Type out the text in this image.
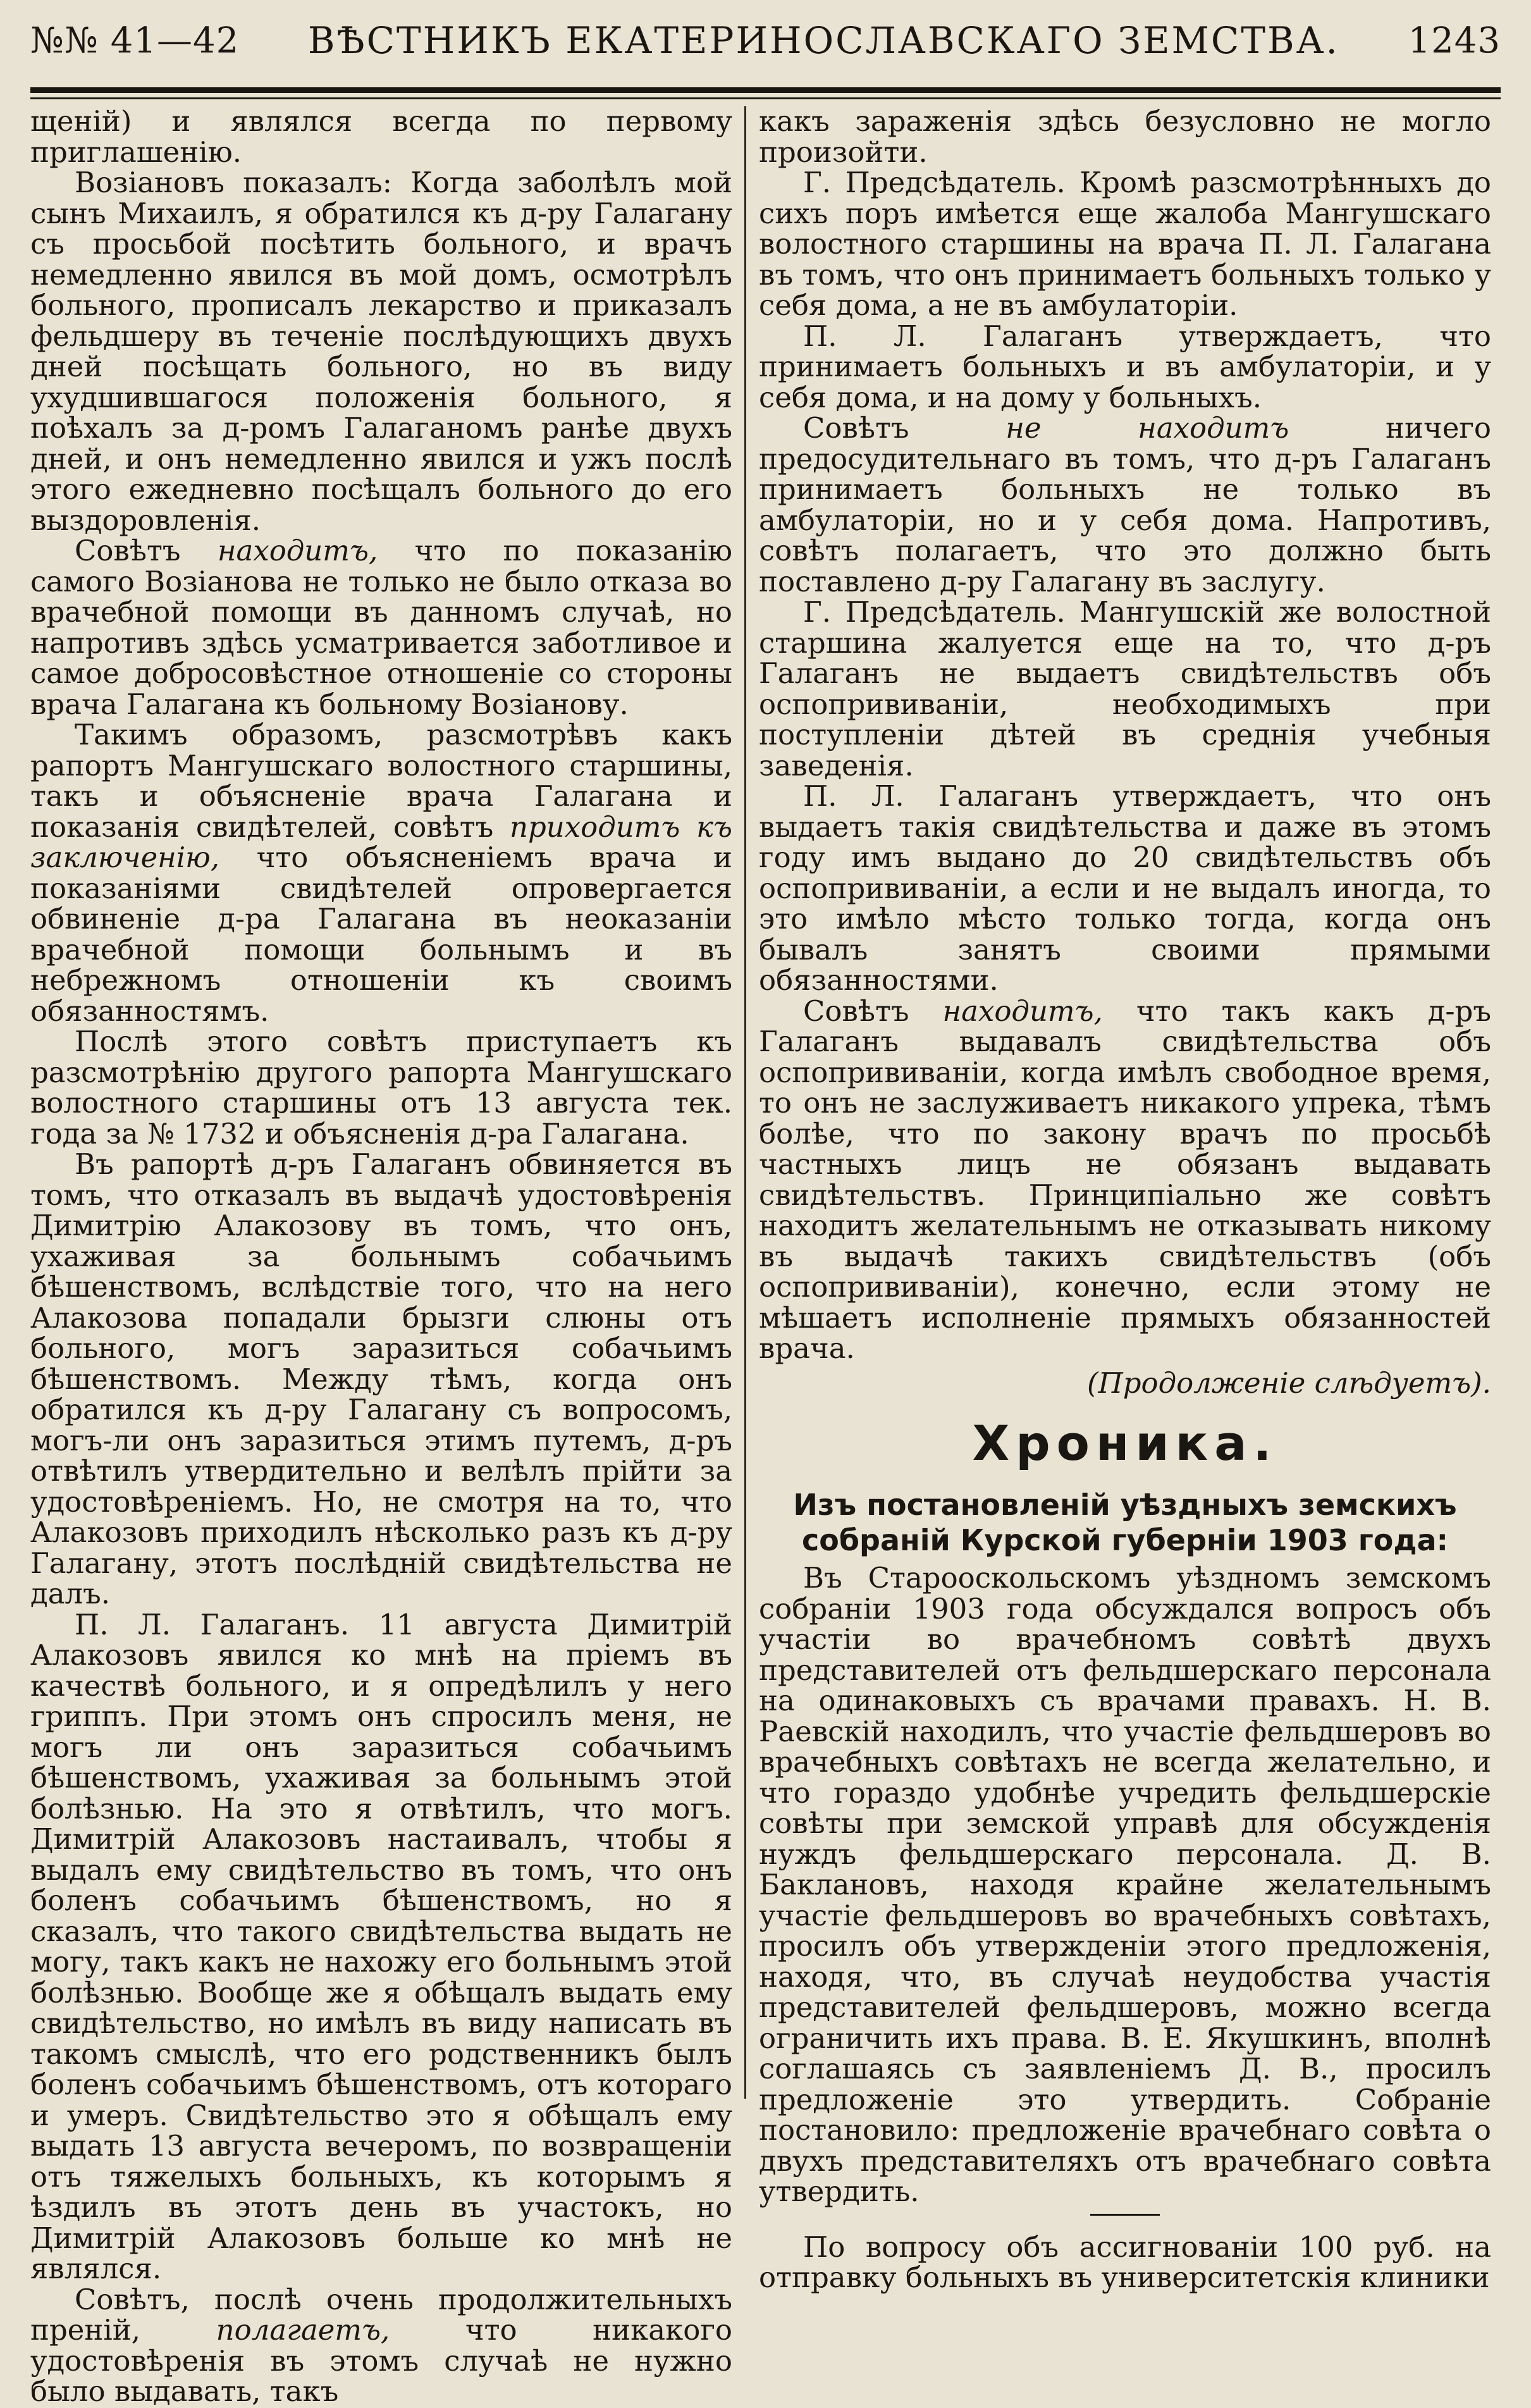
№№ 41—42 ВѢСТНИКЪ ЕКАТЕРИНОСЛАВСКАГО ЗЕМСТВА. 1243

щеній) и являлся всегда по первому приглашенію.

Возіановъ показалъ: Когда заболѣлъ мой сынъ Михаилъ, я обратился къ д-ру Галагану съ просьбой посѣтить больного, и врачъ немедленно явился въ мой домъ, осмотрѣлъ больного, прописалъ лекарство и приказалъ фельдшеру въ теченіе послѣдующихъ двухъ дней посѣщать больного, но въ виду ухудшившагося положенія больного, я поѣхалъ за д-ромъ Галаганомъ ранѣе двухъ дней, и онъ немедленно явился и ужъ послѣ этого ежедневно посѣщалъ больного до его выздоровленія.

Совѣтъ находитъ, что по показанію самого Возіанова не только не было отказа во врачебной помощи въ данномъ случаѣ, но напротивъ здѣсь усматривается заботливое и самое добросовѣстное отношеніе со стороны врача Галагана къ больному Возіанову.

Такимъ образомъ, разсмотрѣвъ какъ рапортъ Мангушскаго волостного старшины, такъ и объясненіе врача Галагана и показанія свидѣтелей, совѣтъ приходитъ къ заключенію, что объясненіемъ врача и показаніями свидѣтелей опровергается обвиненіе д-ра Галагана въ неоказаніи врачебной помощи больнымъ и въ небрежномъ отношеніи къ своимъ обязанностямъ.

Послѣ этого совѣтъ приступаетъ къ разсмотрѣнію другого рапорта Мангушскаго волостного старшины отъ 13 августа тек. года за № 1732 и объясненія д-ра Галагана.

Въ рапортѣ д-ръ Галаганъ обвиняется въ томъ, что отказалъ въ выдачѣ удостовѣренія Димитрію Алакозову въ томъ, что онъ, ухаживая за больнымъ собачьимъ бѣшенствомъ, вслѣдствіе того, что на него Алакозова попадали брызги слюны отъ больного, могъ заразиться собачьимъ бѣшенствомъ. Между тѣмъ, когда онъ обратился къ д-ру Галагану съ вопросомъ, могъ-ли онъ заразиться этимъ путемъ, д-ръ отвѣтилъ утвердительно и велѣлъ прійти за удостовѣреніемъ. Но, не смотря на то, что Алакозовъ приходилъ нѣсколько разъ къ д-ру Галагану, этотъ послѣдній свидѣтельства не далъ.

П. Л. Галаганъ. 11 августа Димитрій Алакозовъ явился ко мнѣ на пріемъ въ качествѣ больного, и я опредѣлилъ у него гриппъ. При этомъ онъ спросилъ меня, не могъ ли онъ заразиться собачьимъ бѣшенствомъ, ухаживая за больнымъ этой болѣзнью. На это я отвѣтилъ, что могъ. Димитрій Алакозовъ настаивалъ, чтобы я выдалъ ему свидѣтельство въ томъ, что онъ боленъ собачьимъ бѣшенствомъ, но я сказалъ, что такого свидѣтельства выдать не могу, такъ какъ не нахожу его больнымъ этой болѣзнью. Вообще же я обѣщалъ выдать ему свидѣтельство, но имѣлъ въ виду написать въ такомъ смыслѣ, что его родственникъ былъ боленъ собачьимъ бѣшенствомъ, отъ котораго и умеръ. Свидѣтельство это я обѣщалъ ему выдать 13 августа вечеромъ, по возвращеніи отъ тяжелыхъ больныхъ, къ которымъ я ѣздилъ въ этотъ день въ участокъ, но Димитрій Алакозовъ больше ко мнѣ не являлся.

Совѣтъ, послѣ очень продолжительныхъ преній, полагаетъ, что никакого удостовѣренія въ этомъ случаѣ не нужно было выдавать, такъ

какъ зараженія здѣсь безусловно не могло произойти.

Г. Предсѣдатель. Кромѣ разсмотрѣнныхъ до сихъ поръ имѣется еще жалоба Мангушскаго волостного старшины на врача П. Л. Галагана въ томъ, что онъ принимаетъ больныхъ только у себя дома, а не въ амбулаторіи.

П. Л. Галаганъ утверждаетъ, что принимаетъ больныхъ и въ амбулаторіи, и у себя дома, и на дому у больныхъ.

Совѣтъ не находитъ ничего предосудительнаго въ томъ, что д-ръ Галаганъ принимаетъ больныхъ не только въ амбулаторіи, но и у себя дома. Напротивъ, совѣтъ полагаетъ, что это должно быть поставлено д-ру Галагану въ заслугу.

Г. Предсѣдатель. Мангушскій же волостной старшина жалуется еще на то, что д-ръ Галаганъ не выдаетъ свидѣтельствъ объ оспопрививаніи, необходимыхъ при поступленіи дѣтей въ среднія учебныя заведенія.

П. Л. Галаганъ утверждаетъ, что онъ выдаетъ такія свидѣтельства и даже въ этомъ году имъ выдано до 20 свидѣтельствъ объ оспопрививаніи, а если и не выдалъ иногда, то это имѣло мѣсто только тогда, когда онъ бывалъ занятъ своими прямыми обязанностями.

Совѣтъ находитъ, что такъ какъ д-ръ Галаганъ выдавалъ свидѣтельства объ оспопрививаніи, когда имѣлъ свободное время, то онъ не заслуживаетъ никакого упрека, тѣмъ болѣе, что по закону врачъ по просьбѣ частныхъ лицъ не обязанъ выдавать свидѣтельствъ. Принципіально же совѣтъ находитъ желательнымъ не отказывать никому въ выдачѣ такихъ свидѣтельствъ (объ оспопрививаніи), конечно, если этому не мѣшаетъ исполненіе прямыхъ обязанностей врача.

(Продолженіе слѣдуетъ).

Хроника.
Изъ постановленій уѣздныхъ земскихъ собраній Курской губерніи 1903 года:

Въ Старооскольскомъ уѣздномъ земскомъ собраніи 1903 года обсуждался вопросъ объ участіи во врачебномъ совѣтѣ двухъ представителей отъ фельдшерскаго персонала на одинаковыхъ съ врачами правахъ. Н. В. Раевскій находилъ, что участіе фельдшеровъ во врачебныхъ совѣтахъ не всегда желательно, и что гораздо удобнѣе учредить фельдшерскіе совѣты при земской управѣ для обсужденія нуждъ фельдшерскаго персонала. Д. В. Баклановъ, находя крайне желательнымъ участіе фельдшеровъ во врачебныхъ совѣтахъ, просилъ объ утвержденіи этого предложенія, находя, что, въ случаѣ неудобства участія представителей фельдшеровъ, можно всегда ограничить ихъ права. В. Е. Якушкинъ, вполнѣ соглашаясь съ заявленіемъ Д. В., просилъ предложеніе это утвердить. Собраніе постановило: предложеніе врачебнаго совѣта о двухъ представителяхъ отъ врачебнаго совѣта утвердить.

По вопросу объ ассигнованіи 100 руб. на отправку больныхъ въ университетскія клиники
